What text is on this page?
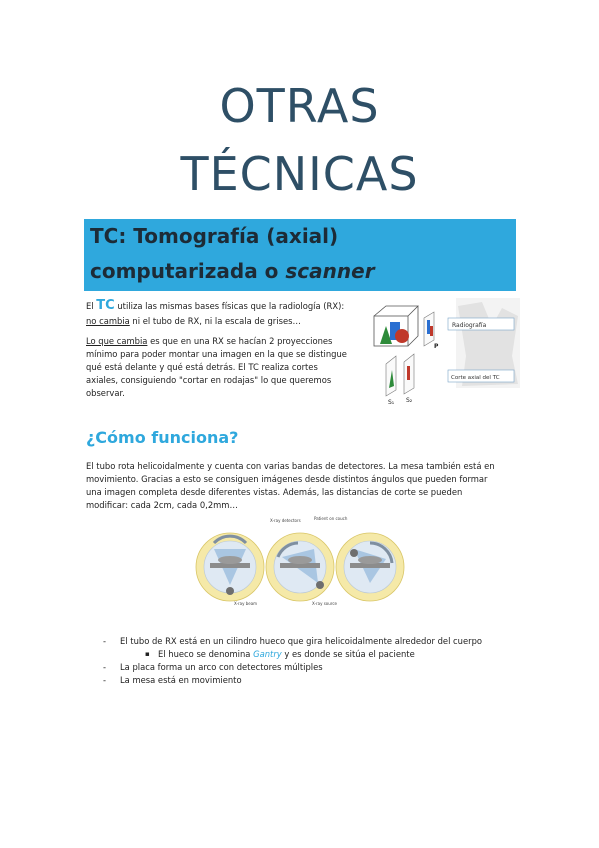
OTRAS
TÉCNICAS
TC: Tomografía (axial)
computarizada o scanner
El TC utiliza las mismas bases físicas que la radiología (RX):
no cambia ni el tubo de RX, ni la escala de grises…
Lo que cambia es que en una RX se hacían 2 proyecciones
mínimo para poder montar una imagen en la que se distingue
qué está delante y qué está detrás. El TC realiza cortes
axiales, consiguiendo "cortar en rodajas" lo que queremos
observar.
P
S₁ S₂
Radiografía
Corte axial del TC
¿Cómo funciona?
El tubo rota helicoidalmente y cuenta con varias bandas de detectores. La mesa también está en
movimiento. Gracias a esto se consiguen imágenes desde distintos ángulos que pueden formar
una imagen completa desde diferentes vistas. Además, las distancias de corte se pueden
modificar: cada 2cm, cada 0,2mm…
X-ray detectors	Patient on couch
X-ray beam	X-ray source
- El tubo de RX está en un cilindro hueco que gira helicoidalmente alrededor del cuerpo
▪ El hueco se denomina Gantry y es donde se sitúa el paciente
- La placa forma un arco con detectores múltiples
- La mesa está en movimiento
